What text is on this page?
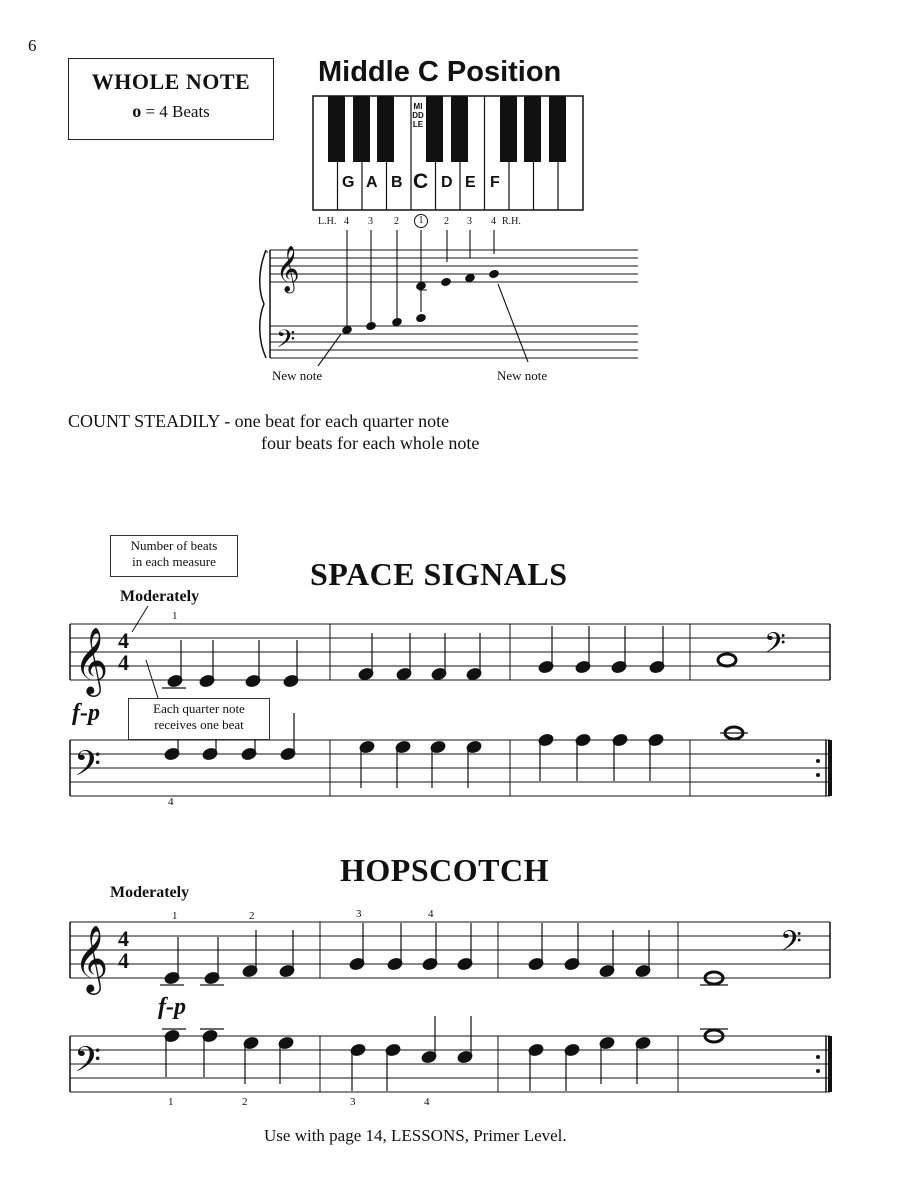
6
WHOLE NOTE
o = 4 Beats
Middle C Position
𝄞
𝄢
𝄞 4
4
𝄢
𝄢
𝄞 4
4
𝄢
𝄢
MIDDLE
G A B C D E F
L.H. 4 3 2	1	2 3 4 R.H.
New note	New note
COUNT STEADILY - one beat for each quarter note
four beats for each whole note
Number of beats
in each measure	SPACE SIGNALS
Moderately
1
f-p	Each quarter note
receives one beat
4
HOPSCOTCH
Moderately
1	2	3	4
f-p
1	2	3	4
Use with page 14, LESSONS, Primer Level.
